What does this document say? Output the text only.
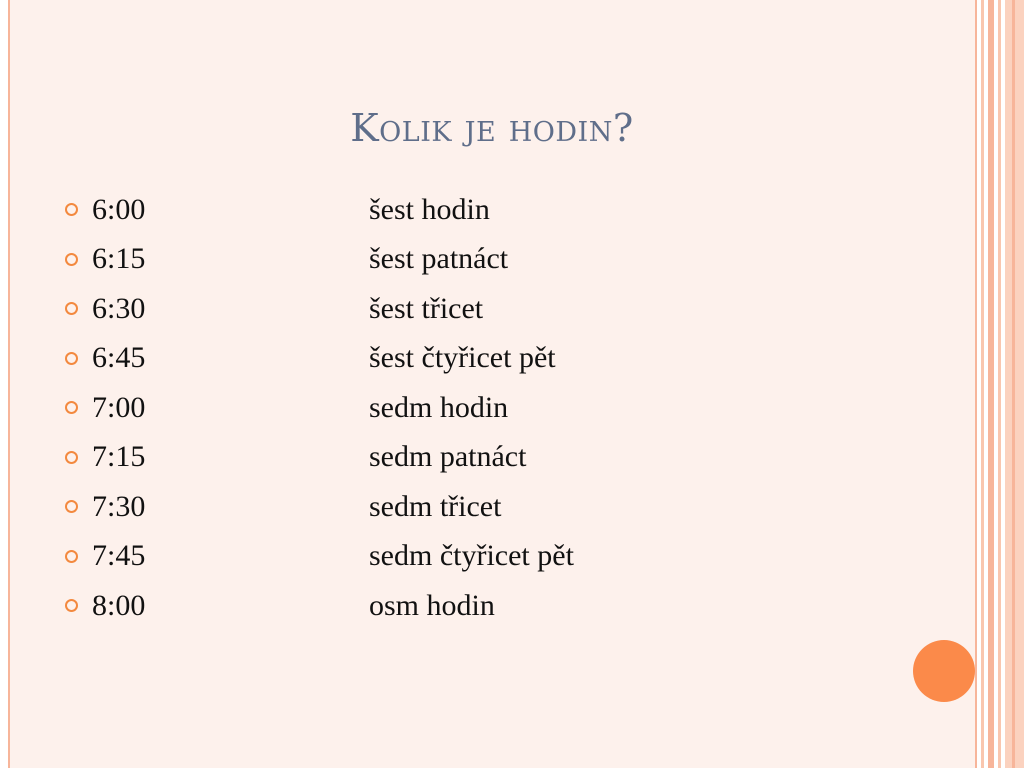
Kolik je hodin?
6:00	šest hodin
6:15	šest patnáct
6:30	šest třicet
6:45	šest čtyřicet pět
7:00	sedm hodin
7:15	sedm patnáct
7:30	sedm třicet
7:45	sedm čtyřicet pět
8:00	osm hodin
